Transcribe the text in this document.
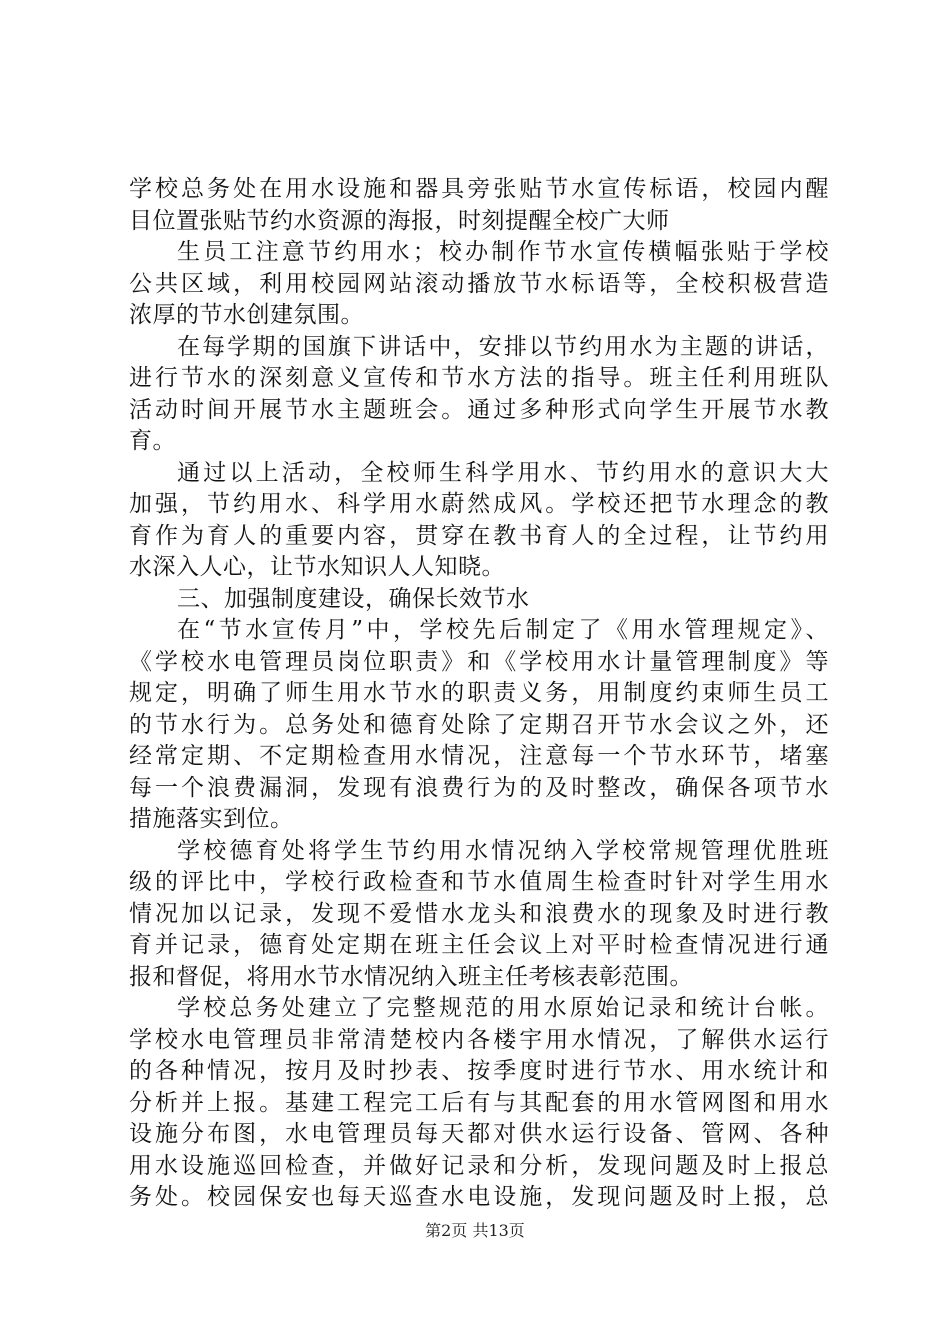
学校总务处在用水设施和器具旁张贴节水宣传标语，校园内醒
目位置张贴节约水资源的海报，时刻提醒全校广大师
生员工注意节约用水；校办制作节水宣传横幅张贴于学校
公共区域，利用校园网站滚动播放节水标语等，全校积极营造
浓厚的节水创建氛围。
在每学期的国旗下讲话中，安排以节约用水为主题的讲话，
进行节水的深刻意义宣传和节水方法的指导。班主任利用班队
活动时间开展节水主题班会。通过多种形式向学生开展节水教
育。
通过以上活动，全校师生科学用水、节约用水的意识大大
加强，节约用水、科学用水蔚然成风。学校还把节水理念的教
育作为育人的重要内容，贯穿在教书育人的全过程，让节约用
水深入人心，让节水知识人人知晓。
三、加强制度建设，确保长效节水
在“节水宣传月”中，学校先后制定了《用水管理规定》、
《学校水电管理员岗位职责》和《学校用水计量管理制度》等
规定，明确了师生用水节水的职责义务，用制度约束师生员工
的节水行为。总务处和德育处除了定期召开节水会议之外，还
经常定期、不定期检查用水情况，注意每一个节水环节，堵塞
每一个浪费漏洞，发现有浪费行为的及时整改，确保各项节水
措施落实到位。
学校德育处将学生节约用水情况纳入学校常规管理优胜班
级的评比中，学校行政检查和节水值周生检查时针对学生用水
情况加以记录，发现不爱惜水龙头和浪费水的现象及时进行教
育并记录，德育处定期在班主任会议上对平时检查情况进行通
报和督促，将用水节水情况纳入班主任考核表彰范围。
学校总务处建立了完整规范的用水原始记录和统计台帐。
学校水电管理员非常清楚校内各楼宇用水情况，了解供水运行
的各种情况，按月及时抄表、按季度时进行节水、用水统计和
分析并上报。基建工程完工后有与其配套的用水管网图和用水
设施分布图，水电管理员每天都对供水运行设备、管网、各种
用水设施巡回检查，并做好记录和分析，发现问题及时上报总
务处。校园保安也每天巡查水电设施，发现问题及时上报，总
第2页 共13页
